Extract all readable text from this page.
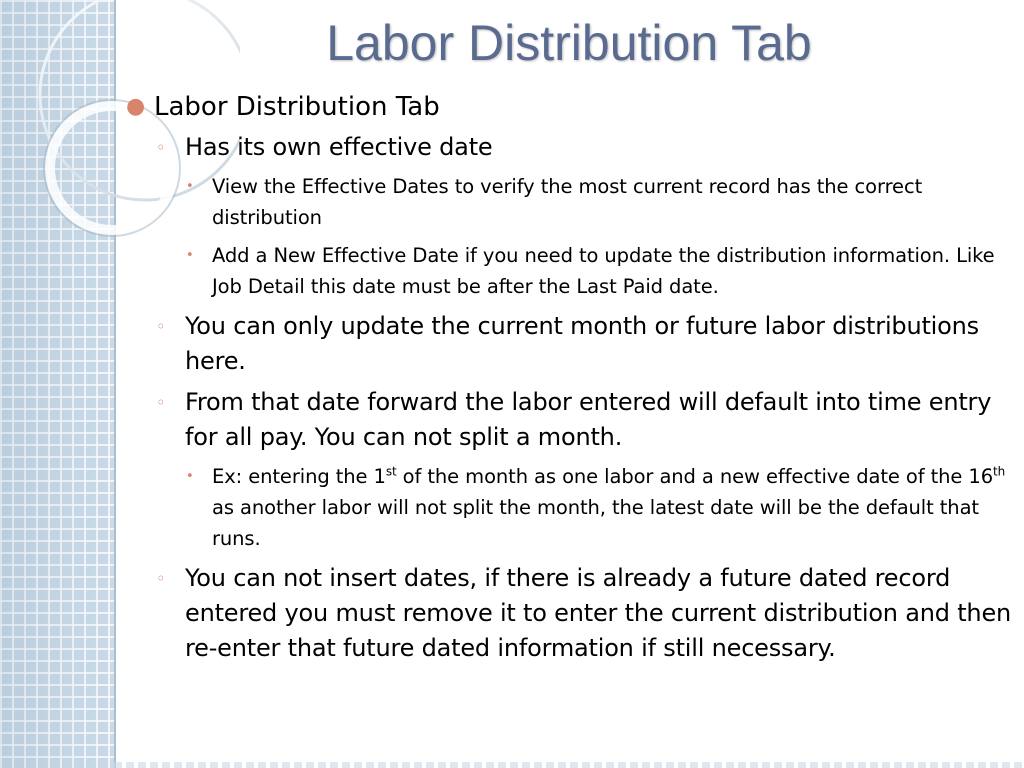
Labor Distribution Tab
● Labor Distribution Tab
◦ Has its own effective date
• View the Effective Dates to verify the most current record has the correct distribution
• Add a New Effective Date if you need to update the distribution information. Like Job Detail this date must be after the Last Paid date.
◦ You can only update the current month or future labor distributions here.
◦ From that date forward the labor entered will default into time entry for all pay. You can not split a month.
• Ex: entering the 1st of the month as one labor and a new effective date of the 16th as another labor will not split the month, the latest date will be the default that runs.
◦ You can not insert dates, if there is already a future dated record entered you must remove it to enter the current distribution and then re-enter that future dated information if still necessary.
